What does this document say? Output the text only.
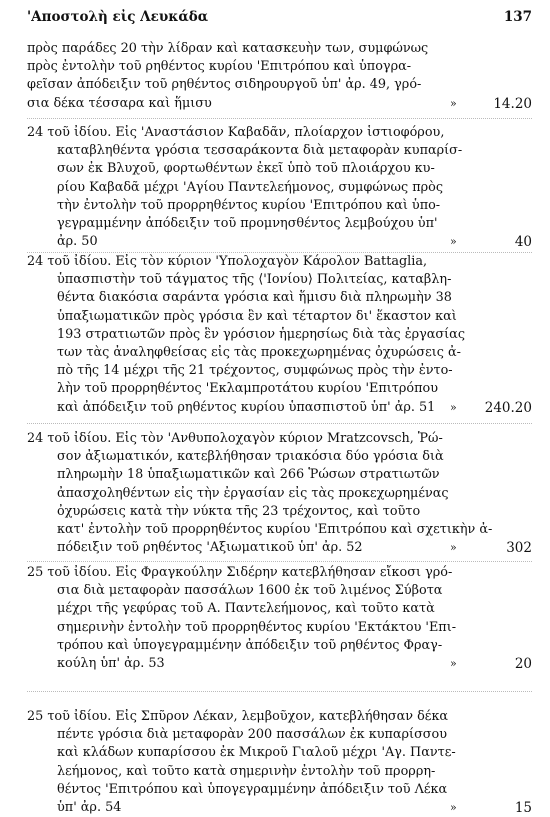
'Αποστολὴ εἰς Λευκάδα	137
πρὸς παράδες 20 τὴν λίδραν καὶ κατασκευὴν των, συμφώνως
πρὸς ἐντολὴν τοῦ ρηθέντος κυρίου 'Επιτρόπου καὶ ὑπογρα-
φεῖσαν ἀπόδειξιν τοῦ ρηθέντος σιδηρουργοῦ ὑπ' ἀρ. 49, γρό-
σια δέκα τέσσαρα καὶ ἥμισυ	»	14.20
24 τοῦ ἰδίου. Εἰς 'Αναστάσιον Καβαδᾶν, πλοίαρχον ἱστιοφόρου,
καταβληθέντα γρόσια τεσσαράκοντα διὰ μεταφορὰν κυπαρίσ-
σων ἐκ Βλυχοῦ, φορτωθέντων ἐκεῖ ὑπὸ τοῦ πλοιάρχου κυ-
ρίου Καβαδᾶ μέχρι 'Αγίου Παντελεήμονος, συμφώνως πρὸς
τὴν ἐντολὴν τοῦ προρρηθέντος κυρίου 'Επιτρόπου καὶ ὑπο-
γεγραμμένην ἀπόδειξιν τοῦ προμνησθέντος λεμβούχου ὑπ'
ἀρ. 50	»	40
24 τοῦ ἰδίου. Εἰς τὸν κύριον 'Υπολοχαγὸν Κάρολον Battaglia,
ὑπασπιστὴν τοῦ τάγματος τῆς ⟨'Ιονίου⟩ Πολιτείας, καταβλη-
θέντα διακόσια σαράντα γρόσια καὶ ἥμισυ διὰ πληρωμὴν 38
ὑπαξιωματικῶν πρὸς γρόσια ἓν καὶ τέταρτον δι' ἕκαστον καὶ
193 στρατιωτῶν πρὸς ἓν γρόσιον ἡμερησίως διὰ τὰς ἐργασίας
των τὰς ἀναληφθείσας εἰς τὰς προκεχωρημένας ὀχυρώσεις ἀ-
πὸ τῆς 14 μέχρι τῆς 21 τρέχοντος, συμφώνως πρὸς τὴν ἐντο-
λὴν τοῦ προρρηθέντος 'Εκλαμπροτάτου κυρίου 'Επιτρόπου
καὶ ἀπόδειξιν τοῦ ρηθέντος κυρίου ὑπασπιστοῦ ὑπ' ἀρ. 51	»	240.20
24 τοῦ ἰδίου. Εἰς τὸν 'Ανθυπολοχαγὸν κύριον Mratzcovsch, Ῥώ-
σον ἀξιωματικόν, κατεβλήθησαν τριακόσια δύο γρόσια διὰ
πληρωμὴν 18 ὑπαξιωματικῶν καὶ 266 Ῥώσων στρατιωτῶν
ἀπασχοληθέντων εἰς τὴν ἐργασίαν εἰς τὰς προκεχωρημένας
ὀχυρώσεις κατὰ τὴν νύκτα τῆς 23 τρέχοντος, καὶ τοῦτο
κατ' ἐντολὴν τοῦ προρρηθέντος κυρίου 'Επιτρόπου καὶ σχετικὴν ἀ-
πόδειξιν τοῦ ρηθέντος 'Αξιωματικοῦ ὑπ' ἀρ. 52	»	302
25 τοῦ ἰδίου. Εἰς Φραγκούλην Σιδέρην κατεβλήθησαν εἴκοσι γρό-
σια διὰ μεταφορὰν πασσάλων 1600 ἐκ τοῦ λιμένος Σύβοτα
μέχρι τῆς γεφύρας τοῦ Α. Παντελεήμονος, καὶ τοῦτο κατὰ
σημερινὴν ἐντολὴν τοῦ προρρηθέντος κυρίου 'Εκτάκτου 'Επι-
τρόπου καὶ ὑπογεγραμμένην ἀπόδειξιν τοῦ ρηθέντος Φραγ-
κούλη ὑπ' ἀρ. 53	»	20
25 τοῦ ἰδίου. Εἰς Σπῦρον Λέκαν, λεμβοῦχον, κατεβλήθησαν δέκα
πέντε γρόσια διὰ μεταφορὰν 200 πασσάλων ἐκ κυπαρίσσου
καὶ κλάδων κυπαρίσσου ἐκ Μικροῦ Γιαλοῦ μέχρι 'Αγ. Παντε-
λεήμονος, καὶ τοῦτο κατὰ σημερινὴν ἐντολὴν τοῦ προρρη-
θέντος 'Επιτρόπου καὶ ὑπογεγραμμένην ἀπόδειξιν τοῦ Λέκα
ὑπ' ἀρ. 54	»	15
